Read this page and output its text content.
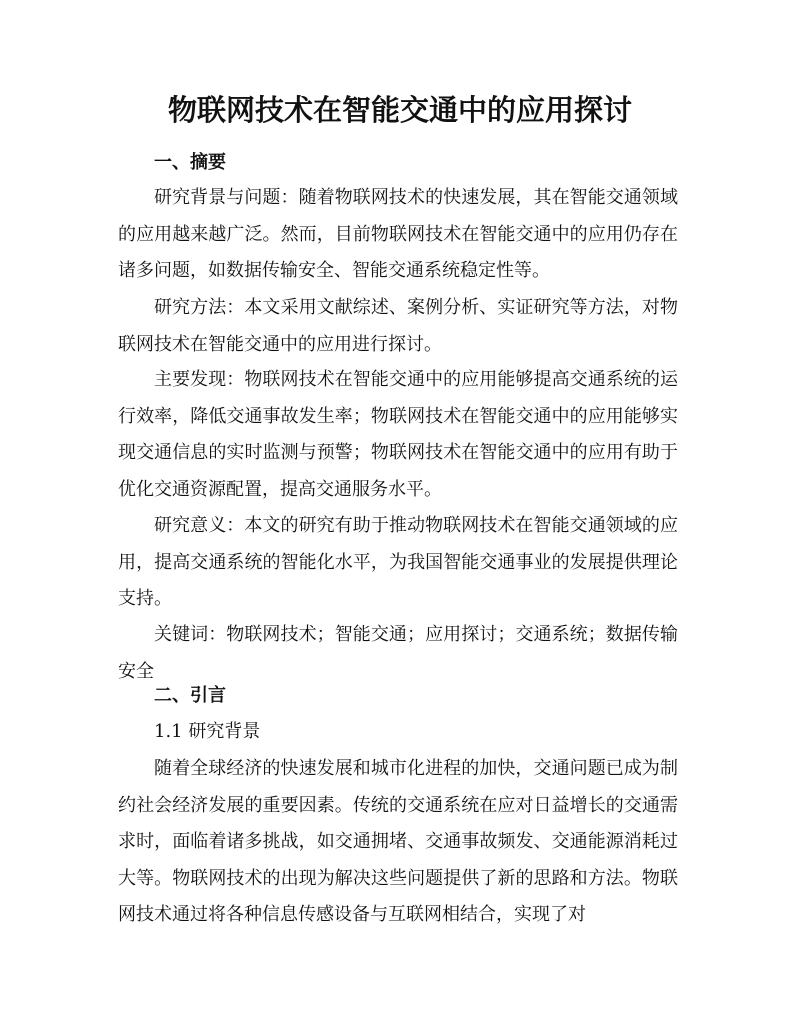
物联网技术在智能交通中的应用探讨
一、摘要

研究背景与问题：随着物联网技术的快速发展，其在智能交通领域的应用越来越广泛。然而，目前物联网技术在智能交通中的应用仍存在诸多问题，如数据传输安全、智能交通系统稳定性等。

研究方法：本文采用文献综述、案例分析、实证研究等方法，对物联网技术在智能交通中的应用进行探讨。

主要发现：物联网技术在智能交通中的应用能够提高交通系统的运行效率，降低交通事故发生率；物联网技术在智能交通中的应用能够实现交通信息的实时监测与预警；物联网技术在智能交通中的应用有助于优化交通资源配置，提高交通服务水平。

研究意义：本文的研究有助于推动物联网技术在智能交通领域的应用，提高交通系统的智能化水平，为我国智能交通事业的发展提供理论支持。

关键词：物联网技术；智能交通；应用探讨；交通系统；数据传输安全

二、引言
1.1 研究背景

随着全球经济的快速发展和城市化进程的加快，交通问题已成为制约社会经济发展的重要因素。传统的交通系统在应对日益增长的交通需求时，面临着诸多挑战，如交通拥堵、交通事故频发、交通能源消耗过大等。物联网技术的出现为解决这些问题提供了新的思路和方法。物联网技术通过将各种信息传感设备与互联网相结合，实现了对
